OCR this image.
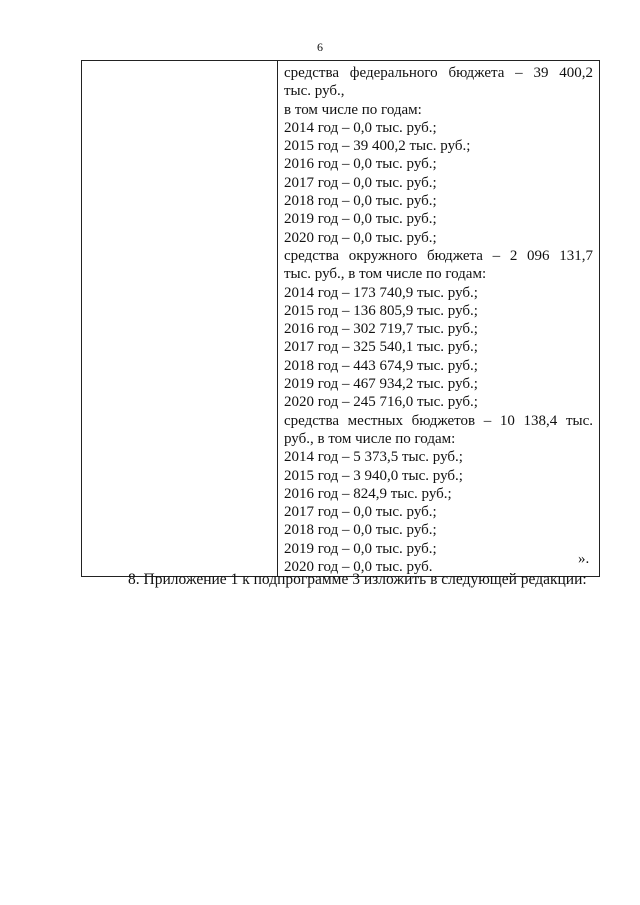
6

средства федерального бюджета – 39 400,2
тыс. руб.,
в том числе по годам:
2014 год – 0,0 тыс. руб.;
2015 год – 39 400,2 тыс. руб.;
2016 год – 0,0 тыс. руб.;
2017 год – 0,0 тыс. руб.;
2018 год – 0,0 тыс. руб.;
2019 год – 0,0 тыс. руб.;
2020 год – 0,0 тыс. руб.;
средства окружного бюджета – 2 096 131,7
тыс. руб., в том числе по годам:
2014 год – 173 740,9 тыс. руб.;
2015 год – 136 805,9 тыс. руб.;
2016 год – 302 719,7 тыс. руб.;
2017 год – 325 540,1 тыс. руб.;
2018 год – 443 674,9 тыс. руб.;
2019 год – 467 934,2 тыс. руб.;
2020 год – 245 716,0 тыс. руб.;
средства местных бюджетов – 10 138,4 тыс.
руб., в том числе по годам:
2014 год – 5 373,5 тыс. руб.;
2015 год – 3 940,0 тыс. руб.;
2016 год – 824,9 тыс. руб.;
2017 год – 0,0 тыс. руб.;
2018 год – 0,0 тыс. руб.;
2019 год – 0,0 тыс. руб.;
2020 год – 0,0 тыс. руб.
».
8. Приложение 1 к подпрограмме 3 изложить в следующей редакции:
